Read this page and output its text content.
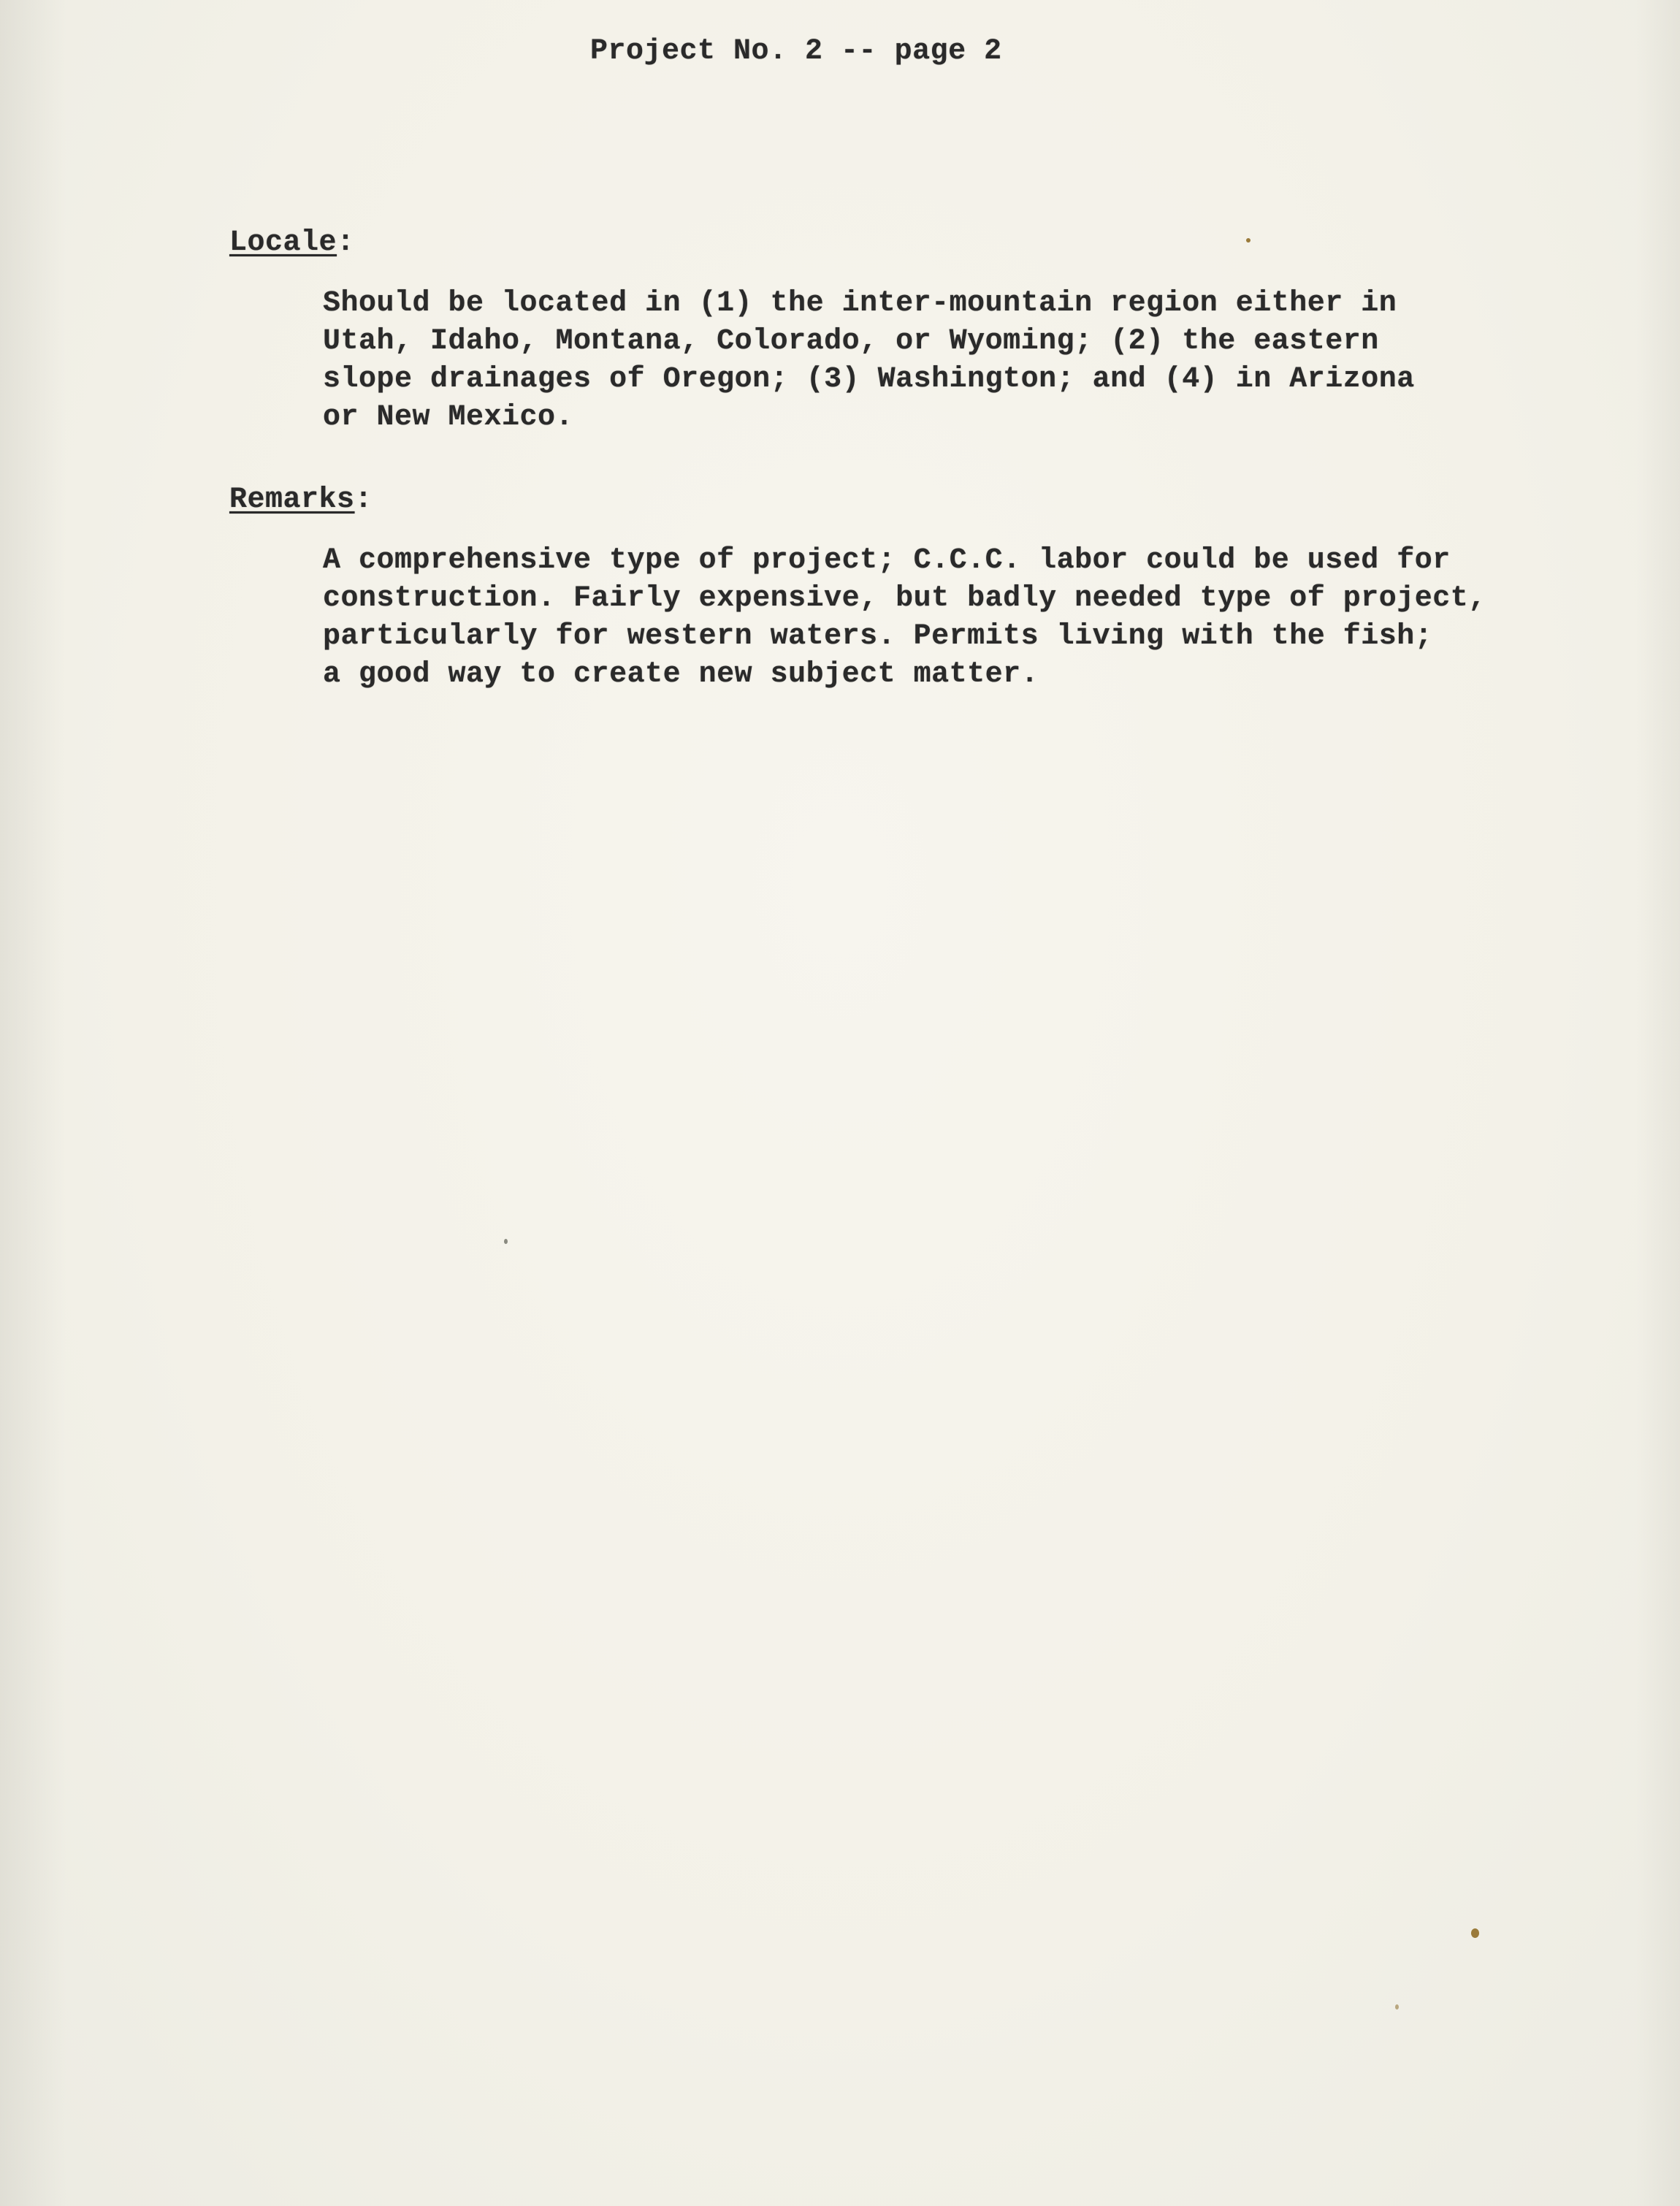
Project No. 2 -- page 2
Locale:
Should be located in (1) the inter-mountain region either in
Utah, Idaho, Montana, Colorado, or Wyoming; (2) the eastern
slope drainages of Oregon; (3) Washington; and (4) in Arizona
or New Mexico.
Remarks:
A comprehensive type of project; C.C.C. labor could be used for
construction. Fairly expensive, but badly needed type of project,
particularly for western waters. Permits living with the fish;
a good way to create new subject matter.
